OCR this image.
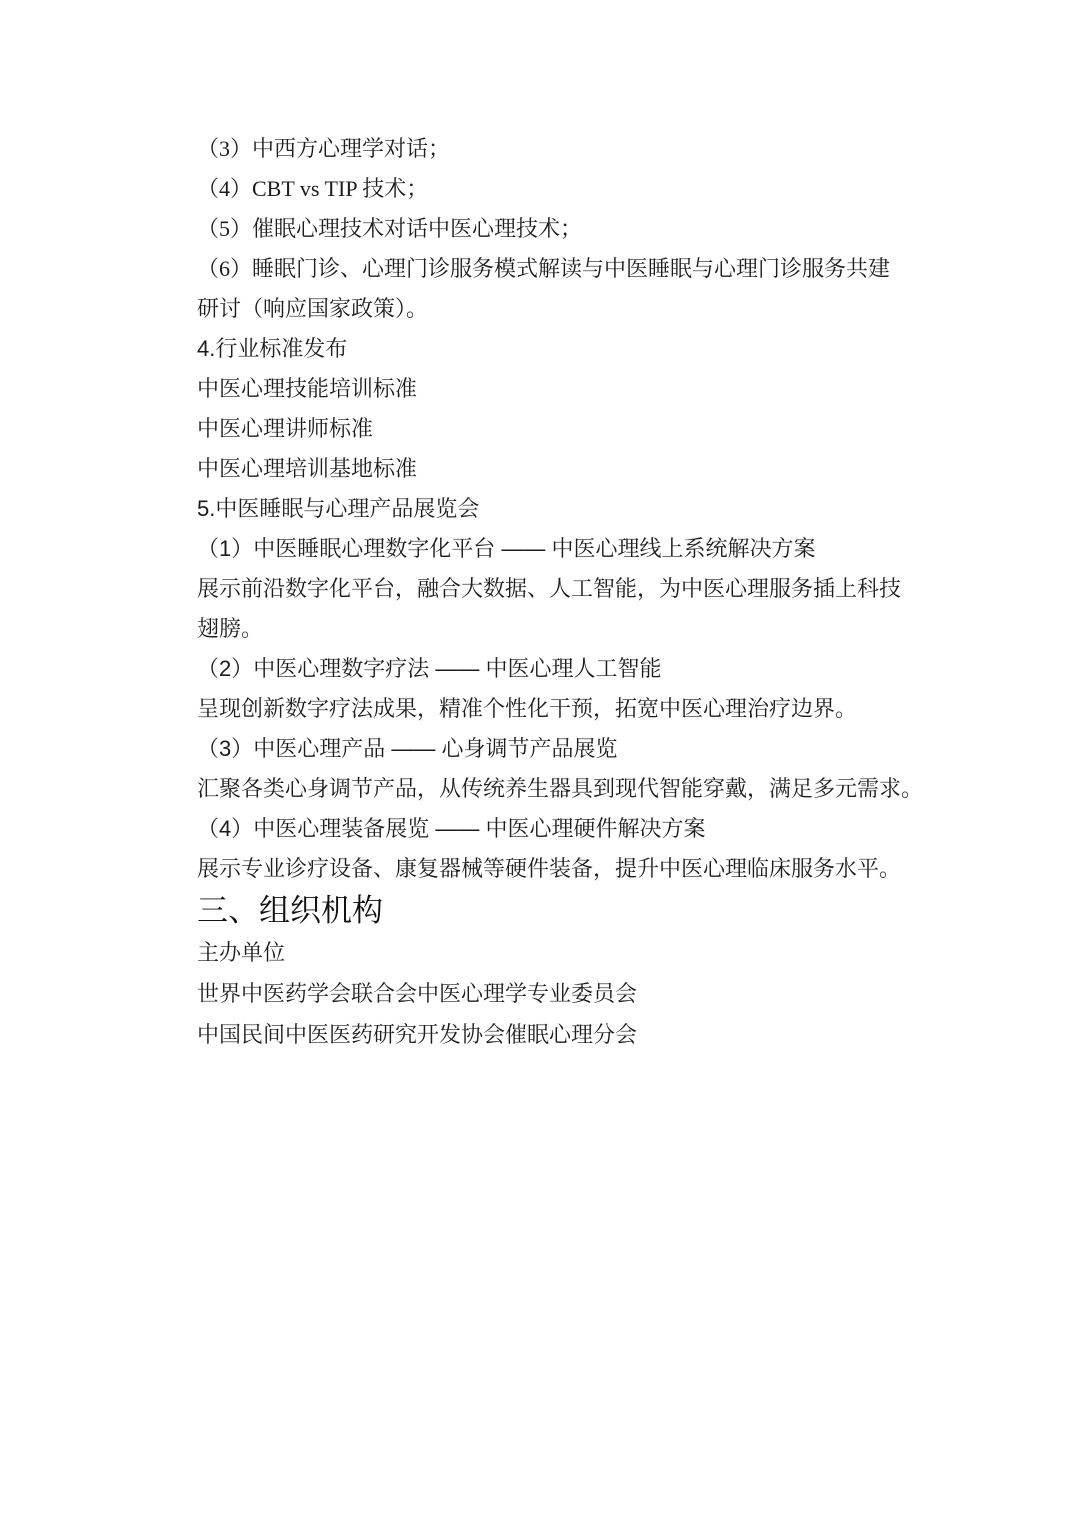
（3）中西方心理学对话；

（4）CBT vs TIP 技术；

（5）催眠心理技术对话中医心理技术；

（6）睡眠门诊、心理门诊服务模式解读与中医睡眠与心理门诊服务共建研讨（响应国家政策）。

4.行业标准发布

中医心理技能培训标准

中医心理讲师标准

中医心理培训基地标准

5.中医睡眠与心理产品展览会
（1）中医睡眠心理数字化平台 —— 中医心理线上系统解决方案

展示前沿数字化平台，融合大数据、人工智能，为中医心理服务插上科技翅膀。

（2）中医心理数字疗法 —— 中医心理人工智能

呈现创新数字疗法成果，精准个性化干预，拓宽中医心理治疗边界。

（3）中医心理产品 —— 心身调节产品展览

汇聚各类心身调节产品，从传统养生器具到现代智能穿戴，满足多元需求。

（4）中医心理装备展览 —— 中医心理硬件解决方案

展示专业诊疗设备、康复器械等硬件装备，提升中医心理临床服务水平。

三、组织机构
主办单位

世界中医药学会联合会中医心理学专业委员会

中国民间中医医药研究开发协会催眠心理分会
